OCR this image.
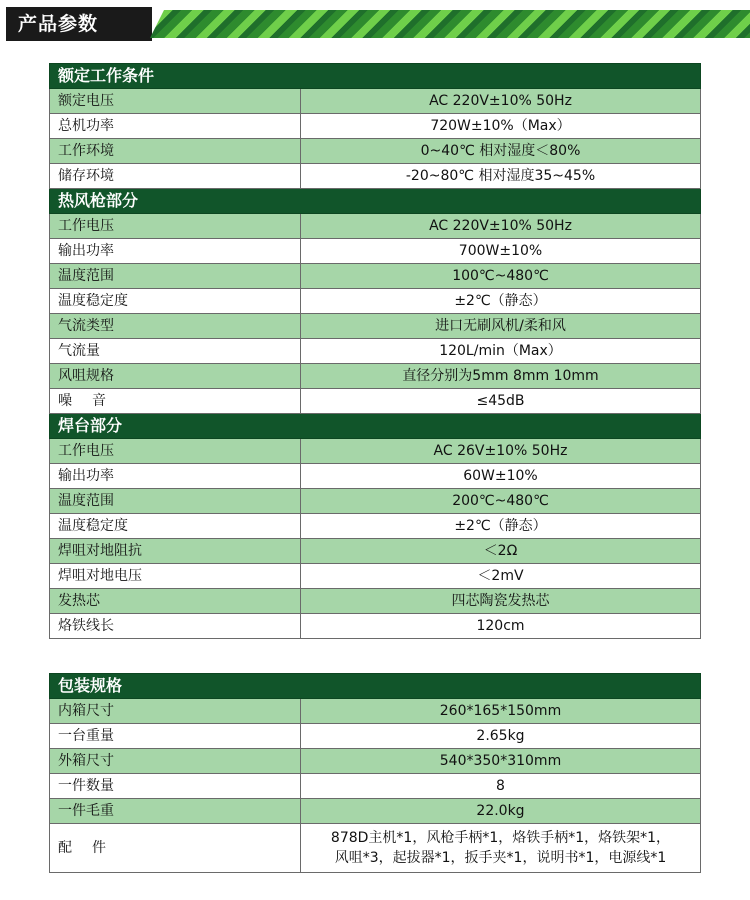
产品参数
额定工作条件	
额定电压	AC 220V±10% 50Hz
总机功率	720W±10%（Max）
工作环境	0~40℃ 相对湿度＜80%
储存环境	-20~80℃ 相对湿度35~45%
热风枪部分	
工作电压	AC 220V±10% 50Hz
输出功率	700W±10%
温度范围	100℃~480℃
温度稳定度	±2℃（静态）
气流类型	进口无刷风机/柔和风
气流量	120L/min（Max）
风咀规格	直径分别为5mm 8mm 10mm
噪音	≤45dB
焊台部分	
工作电压	AC 26V±10% 50Hz
输出功率	60W±10%
温度范围	200℃~480℃
温度稳定度	±2℃（静态）
焊咀对地阻抗	＜2Ω
焊咀对地电压	＜2mV
发热芯	四芯陶瓷发热芯
烙铁线长	120cm
包装规格	
内箱尺寸	260*165*150mm
一台重量	2.65kg
外箱尺寸	540*350*310mm
一件数量	8
一件毛重	22.0kg
配件	878D主机*1，风枪手柄*1，烙铁手柄*1，烙铁架*1，
风咀*3，起拔器*1，扳手夹*1，说明书*1，电源线*1
